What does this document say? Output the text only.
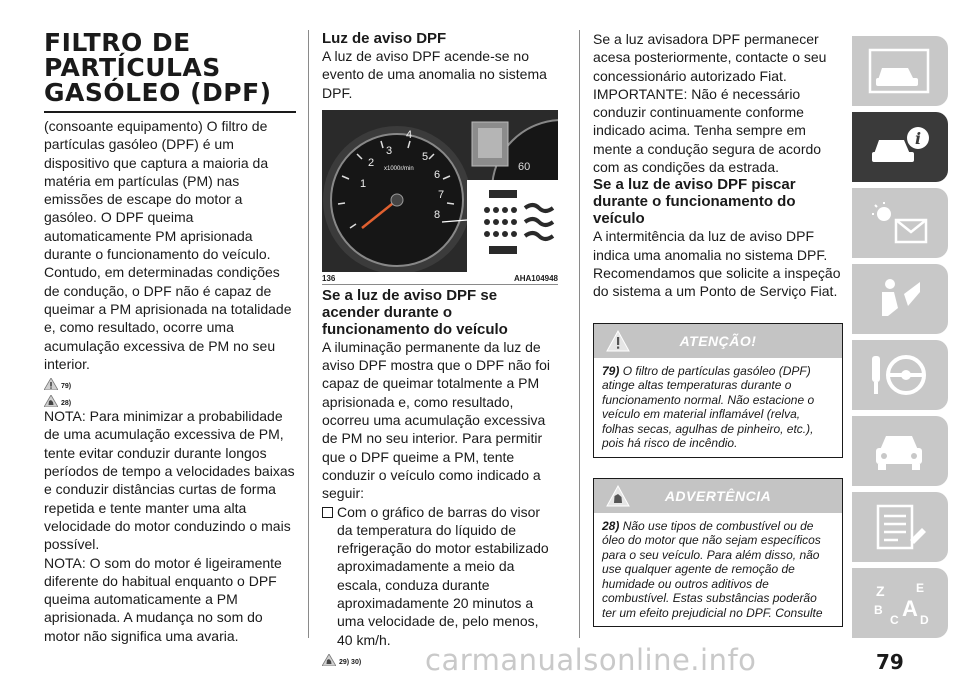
FILTRO DE
PARTÍCULAS
GASÓLEO (DPF)

(consoante equipamento) O filtro de partículas gasóleo (DPF) é um dispositivo que captura a maioria da matéria em partículas (PM) nas emissões de escape do motor a gasóleo. O DPF queima automaticamente PM aprisionada durante o funcionamento do veículo. Contudo, em determinadas condições de condução, o DPF não é capaz de queimar a PM aprisionada na totalidade e, como resultado, ocorre uma acumulação excessiva de PM no seu interior.

79)
28)

NOTA: Para minimizar a probabilidade de uma acumulação excessiva de PM, tente evitar conduzir durante longos períodos de tempo a velocidades baixas e conduzir distâncias curtas de forma repetida e tente manter uma alta velocidade do motor conduzindo o mais possível.

NOTA: O som do motor é ligeiramente diferente do habitual enquanto o DPF queima automaticamente a PM aprisionada. A mudança no som do motor não significa uma avaria.

Luz de aviso DPF

A luz de aviso DPF acende-se no evento de uma anomalia no sistema DPF.

1
2
3
4
5
6
7
8
x1000r/min	60
136	AHA104948
Se a luz de aviso DPF se acender durante o funcionamento do veículo

A iluminação permanente da luz de aviso DPF mostra que o DPF não foi capaz de queimar totalmente a PM aprisionada e, como resultado, ocorreu uma acumulação excessiva de PM no seu interior. Para permitir que o DPF queime a PM, tente conduzir o veículo como indicado a seguir:

Com o gráfico de barras do visor da temperatura do líquido de refrigeração do motor estabilizado aproximadamente a meio da escala, conduza durante aproximadamente 20 minutos a uma velocidade de, pelo menos, 40 km/h.

29) 30)

Se a luz avisadora DPF permanecer acesa posteriormente, contacte o seu concessionário autorizado Fiat. IMPORTANTE: Não é necessário conduzir continuamente conforme indicado acima. Tenha sempre em mente a condução segura de acordo com as condições da estrada.

Se a luz de aviso DPF piscar durante o funcionamento do veículo

A intermitência da luz de aviso DPF indica uma anomalia no sistema DPF. Recomendamos que solicite a inspeção do sistema a um Ponto de Serviço Fiat.

ATENÇÃO!
79) O filtro de partículas gasóleo (DPF) atinge altas temperaturas durante o funcionamento normal. Não estacione o veículo em material inflamável (relva, folhas secas, agulhas de pinheiro, etc.), pois há risco de incêndio.
ADVERTÊNCIA
28) Não use tipos de combustível ou de óleo do motor que não sejam específicos para o seu veículo. Para além disso, não use qualquer agente de remoção de humidade ou outros aditivos de combustível. Estas substâncias poderão ter um efeito prejudicial no DPF. Consulte
i
Z	E
B A
C D
carmanualsonline.info	79
